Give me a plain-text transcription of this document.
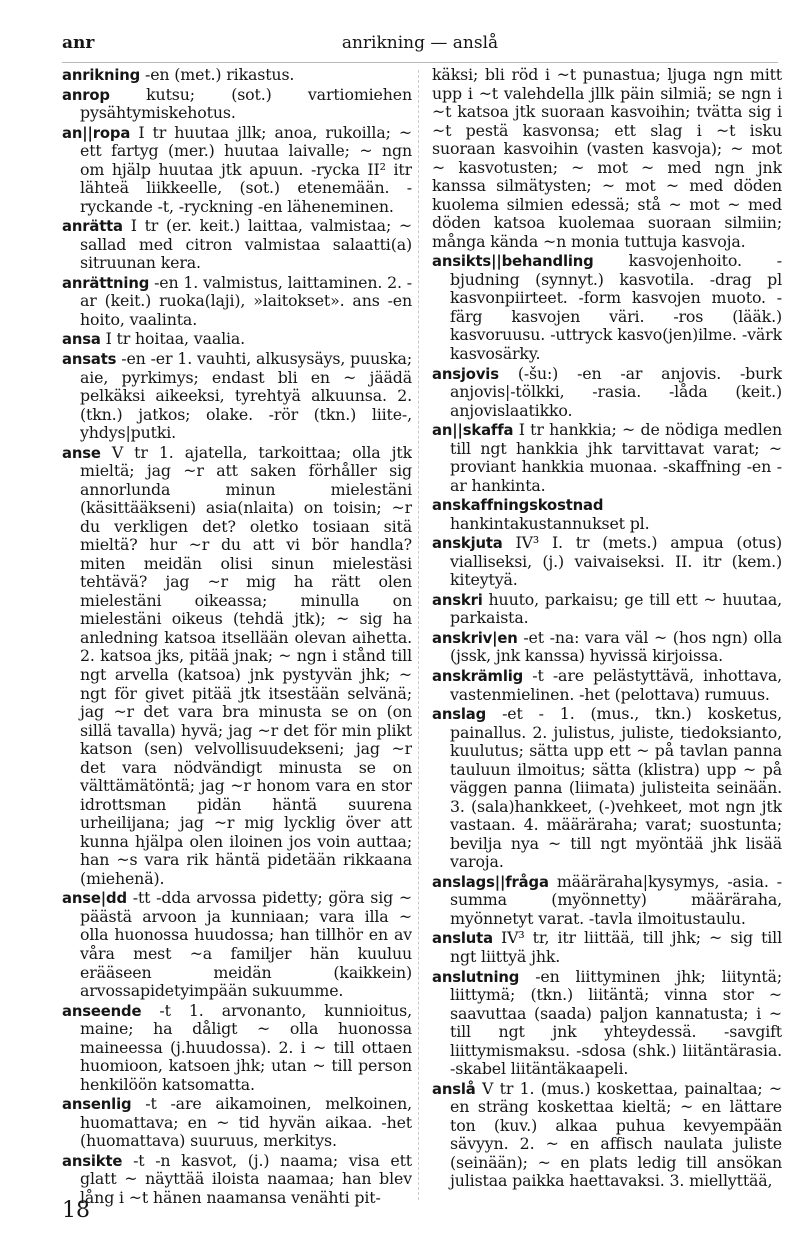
anr	anrikning — anslå

anrikning -en (met.) rikastus.

anrop kutsu; (sot.) vartiomiehen pysähtymiskehotus.

an||ropa I tr huutaa jllk; anoa, rukoilla; ~ ett fartyg (mer.) huutaa laivalle; ~ ngn om hjälp huutaa jtk apuun. -rycka II² itr lähteä liikkeelle, (sot.) etenemään. -ryckande -t, -ryckning -en läheneminen.

anrätta I tr (er. keit.) laittaa, valmistaa; ~ sallad med citron valmistaa salaatti(a) sitruunan kera.

anrättning -en 1. valmistus, laittaminen. 2. -ar (keit.) ruoka(laji), »laitokset». ans -en hoito, vaalinta.

ansa I tr hoitaa, vaalia.

ansats -en -er 1. vauhti, alkusysäys, puuska; aie, pyrkimys; endast bli en ~ jäädä pelkäksi aikeeksi, tyrehtyä alkuunsa. 2. (tkn.) jatkos; olake. -rör (tkn.) liite-, yhdys|putki.

anse V tr 1. ajatella, tarkoittaa; olla jtk mieltä; jag ~r att saken förhåller sig annorlunda minun mielestäni (käsittääkseni) asia(nlaita) on toisin; ~r du verkligen det? oletko tosiaan sitä mieltä? hur ~r du att vi bör handla? miten meidän olisi sinun mielestäsi tehtävä? jag ~r mig ha rätt olen mielestäni oikeassa; minulla on mielestäni oikeus (tehdä jtk); ~ sig ha anledning katsoa itsellään olevan aihetta. 2. katsoa jks, pitää jnak; ~ ngn i stånd till ngt arvella (katsoa) jnk pystyvän jhk; ~ ngt för givet pitää jtk itsestään selvänä; jag ~r det vara bra minusta se on (on sillä tavalla) hyvä; jag ~r det för min plikt katson (sen) velvollisuudekseni; jag ~r det vara nödvändigt minusta se on välttämätöntä; jag ~r honom vara en stor idrottsman pidän häntä suurena urheilijana; jag ~r mig lycklig över att kunna hjälpa olen iloinen jos voin auttaa; han ~s vara rik häntä pidetään rikkaana (miehenä).

anse|dd -tt -dda arvossa pidetty; göra sig ~ päästä arvoon ja kunniaan; vara illa ~ olla huonossa huudossa; han tillhör en av våra mest ~a familjer hän kuuluu erääseen meidän (kaikkein) arvossapidetyimpään sukuumme.

anseende -t 1. arvonanto, kunnioitus, maine; ha dåligt ~ olla huonossa maineessa (j.huudossa). 2. i ~ till ottaen huomioon, katsoen jhk; utan ~ till person henkilöön katsomatta.

ansenlig -t -are aikamoinen, melkoinen, huomattava; en ~ tid hyvän aikaa. -het (huomattava) suuruus, merkitys.

ansikte -t -n kasvot, (j.) naama; visa ett glatt ~ näyttää iloista naamaa; han blev lång i ~t hänen naamansa venähti pit-

käksi; bli röd i ~t punastua; ljuga ngn mitt upp i ~t valehdella jllk päin silmiä; se ngn i ~t katsoa jtk suoraan kasvoihin; tvätta sig i ~t pestä kasvonsa; ett slag i ~t isku suoraan kasvoihin (vasten kasvoja); ~ mot ~ kasvotusten; ~ mot ~ med ngn jnk kanssa silmätysten; ~ mot ~ med döden kuolema silmien edessä; stå ~ mot ~ med döden katsoa kuolemaa suoraan silmiin; många kända ~n monia tuttuja kasvoja.

ansikts||behandling kasvojenhoito. -bjudning (synnyt.) kasvotila. -drag pl kasvonpiirteet. -form kasvojen muoto. -färg kasvojen väri. -ros (lääk.) kasvoruusu. -uttryck kasvo(jen)ilme. -värk kasvosärky.

ansjovis (-šu:) -en -ar anjovis. -burk anjovis|-tölkki, -rasia. -låda (keit.) anjovislaatikko.

an||skaffa I tr hankkia; ~ de nödiga medlen till ngt hankkia jhk tarvittavat varat; ~ proviant hankkia muonaa. -skaffning -en -ar hankinta.

anskaffningskostnad hankintakustannukset pl.

anskjuta IV³ I. tr (mets.) ampua (otus) vialliseksi, (j.) vaivaiseksi. II. itr (kem.) kiteytyä.

anskri huuto, parkaisu; ge till ett ~ huutaa, parkaista.

anskriv|en -et -na: vara väl ~ (hos ngn) olla (jssk, jnk kanssa) hyvissä kirjoissa.

anskrämlig -t -are pelästyttävä, inhottava, vastenmielinen. -het (pelottava) rumuus.

anslag -et - 1. (mus., tkn.) kosketus, painallus. 2. julistus, juliste, tiedoksianto, kuulutus; sätta upp ett ~ på tavlan panna tauluun ilmoitus; sätta (klistra) upp ~ på väggen panna (liimata) julisteita seinään. 3. (sala)hankkeet, (-)vehkeet, mot ngn jtk vastaan. 4. määräraha; varat; suostunta; bevilja nya ~ till ngt myöntää jhk lisää varoja.

anslags||fråga määräraha|kysymys, -asia. -summa (myönnetty) määräraha, myönnetyt varat. -tavla ilmoitustaulu.

ansluta IV³ tr, itr liittää, till jhk; ~ sig till ngt liittyä jhk.

anslutning -en liittyminen jhk; liityntä; liittymä; (tkn.) liitäntä; vinna stor ~ saavuttaa (saada) paljon kannatusta; i ~ till ngt jnk yhteydessä. -savgift liittymismaksu. -sdosa (shk.) liitäntärasia. -skabel liitäntäkaapeli.

anslå V tr 1. (mus.) koskettaa, painaltaa; ~ en sträng koskettaa kieltä; ~ en lättare ton (kuv.) alkaa puhua kevyempään sävyyn. 2. ~ en affisch naulata juliste (seinään); ~ en plats ledig till ansökan julistaa paikka haettavaksi. 3. miellyttää,

18
